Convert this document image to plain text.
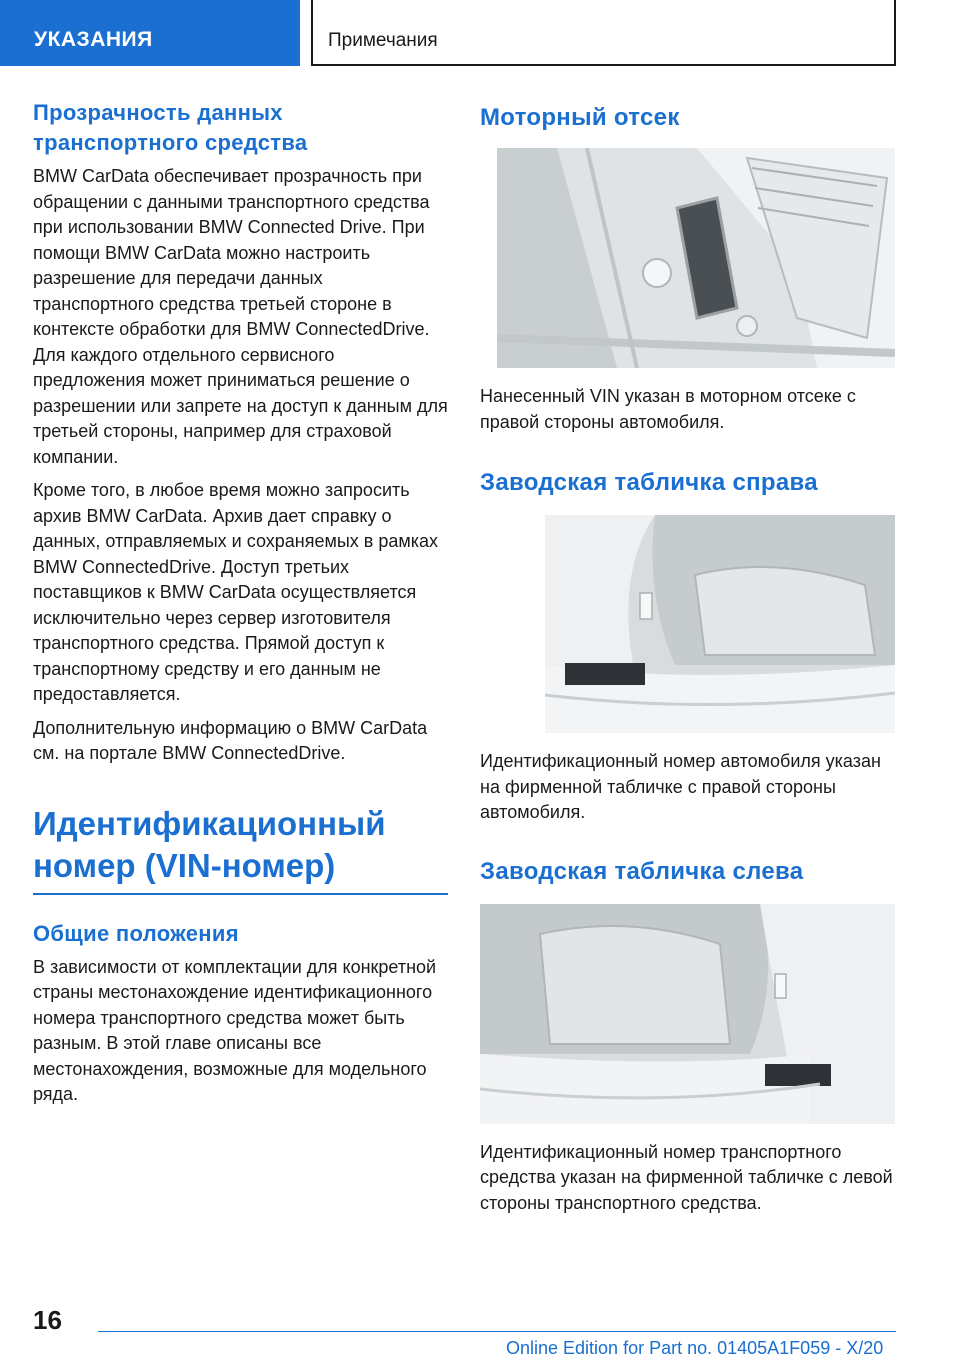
УКАЗАНИЯ	Примечания
Прозрачность данных транспортного средства

BMW CarData обеспечивает прозрачность при обращении с данными транспортного средства при использовании BMW Connected Drive. При помощи BMW CarData можно настроить разрешение для передачи данных транспортного средства третьей стороне в контексте обработки для BMW ConnectedDrive. Для каждого отдельного сервисного предложения может приниматься решение о разрешении или запрете на доступ к данным для третьей стороны, например для страховой компании.

Кроме того, в любое время можно запросить архив BMW CarData. Архив дает справку о данных, отправляемых и сохраняемых в рамках BMW ConnectedDrive. Доступ третьих поставщиков к BMW CarData осуществляется исключительно через сервер изготовителя транспортного средства. Прямой доступ к транспортному средству и его данным не предоставляется.

Дополнительную информацию о BMW CarData см. на портале BMW ConnectedDrive.

Идентификационный номер (VIN-номер)
Общие положения

В зависимости от комплектации для конкретной страны местонахождение идентификационного номера транспортного средства может быть разным. В этой главе описаны все местонахождения, возможные для модельного ряда.

Моторный отсек

Нанесенный VIN указан в моторном отсеке с правой стороны автомобиля.

Заводская табличка справа

Идентификационный номер автомобиля указан на фирменной табличке с правой стороны автомобиля.

Заводская табличка слева

Идентификационный номер транспортного средства указан на фирменной табличке с левой стороны транспортного средства.

16
Online Edition for Part no. 01405A1F059 - X/20
